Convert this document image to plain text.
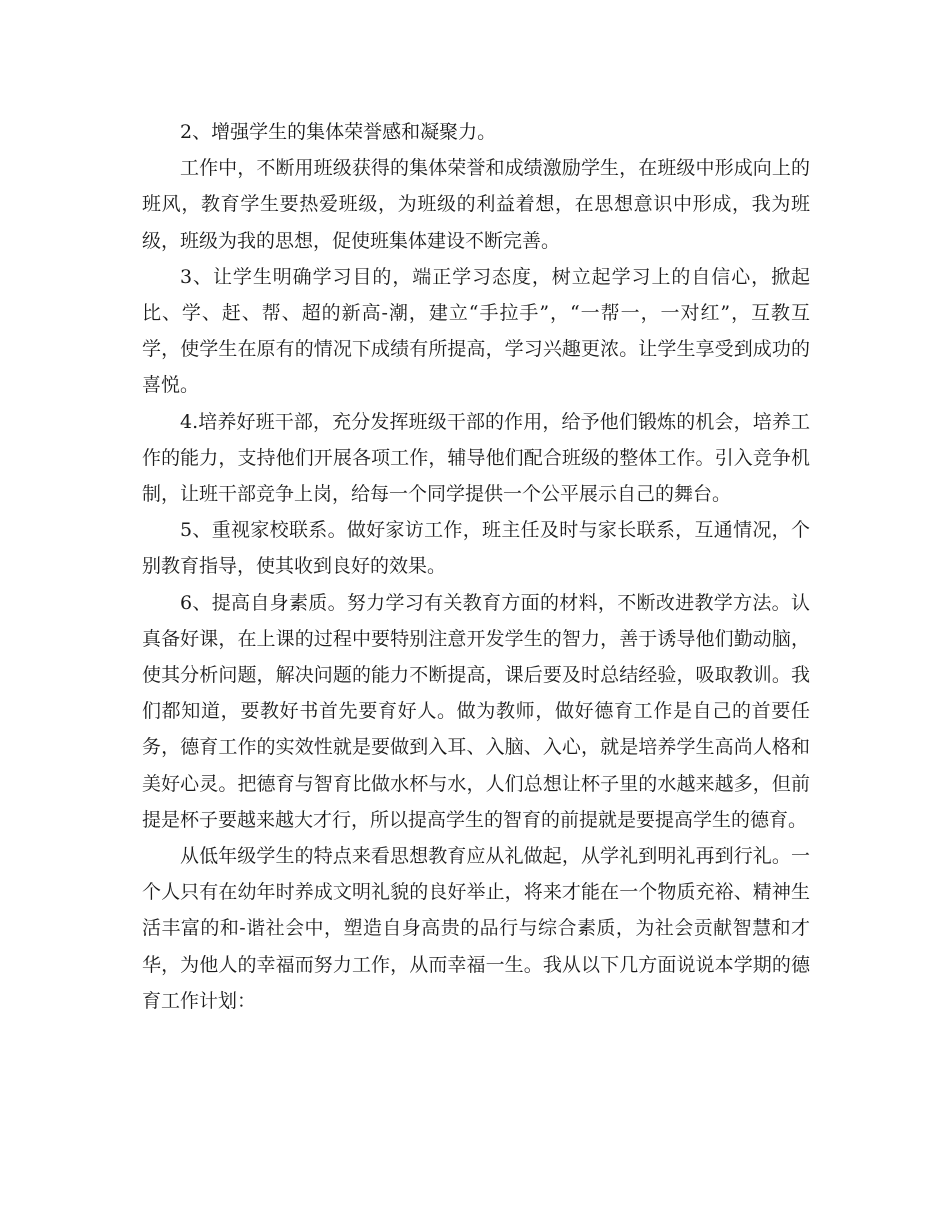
2、增强学生的集体荣誉感和凝聚力。

工作中，不断用班级获得的集体荣誉和成绩激励学生，在班级中形成向上的班风，教育学生要热爱班级，为班级的利益着想，在思想意识中形成，我为班级，班级为我的思想，促使班集体建设不断完善。

3、让学生明确学习目的，端正学习态度，树立起学习上的自信心，掀起比、学、赶、帮、超的新高-潮，建立“手拉手”，“一帮一，一对红”，互教互学，使学生在原有的情况下成绩有所提高，学习兴趣更浓。让学生享受到成功的喜悦。

4.培养好班干部，充分发挥班级干部的作用，给予他们锻炼的机会，培养工作的能力，支持他们开展各项工作，辅导他们配合班级的整体工作。引入竞争机制，让班干部竞争上岗，给每一个同学提供一个公平展示自己的舞台。

5、重视家校联系。做好家访工作，班主任及时与家长联系，互通情况，个别教育指导，使其收到良好的效果。

6、提高自身素质。努力学习有关教育方面的材料，不断改进教学方法。认真备好课，在上课的过程中要特别注意开发学生的智力，善于诱导他们勤动脑，使其分析问题，解决问题的能力不断提高，课后要及时总结经验，吸取教训。我们都知道，要教好书首先要育好人。做为教师，做好德育工作是自己的首要任务，德育工作的实效性就是要做到入耳、入脑、入心，就是培养学生高尚人格和美好心灵。把德育与智育比做水杯与水，人们总想让杯子里的水越来越多，但前提是杯子要越来越大才行，所以提高学生的智育的前提就是要提高学生的德育。

从低年级学生的特点来看思想教育应从礼做起，从学礼到明礼再到行礼。一个人只有在幼年时养成文明礼貌的良好举止，将来才能在一个物质充裕、精神生活丰富的和-谐社会中，塑造自身高贵的品行与综合素质，为社会贡献智慧和才华，为他人的幸福而努力工作，从而幸福一生。我从以下几方面说说本学期的德育工作计划：
